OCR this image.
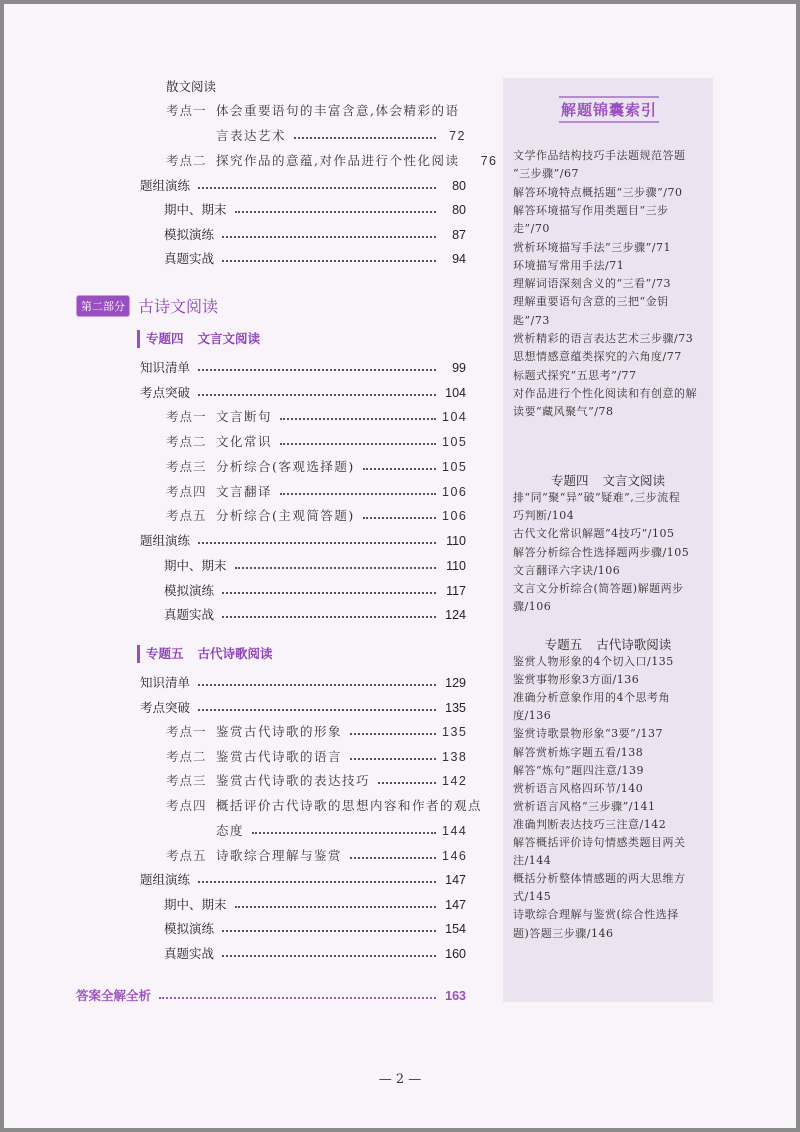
散文阅读
考点一 体会重要语句的丰富含意,体会精彩的语
言表达艺术	72
考点二 探究作品的意蕴,对作品进行个性化阅读	76
题组演练	80
期中、期末	80
模拟演练	87
真题实战	94
知识清单	99
考点突破	104
考点一 文言断句	104
考点二 文化常识	105
考点三 分析综合(客观选择题)	105
考点四 文言翻译	106
考点五 分析综合(主观简答题)	106
题组演练	110
期中、期末	110
模拟演练	117
真题实战	124
知识清单	129
考点突破	135
考点一 鉴赏古代诗歌的形象	135
考点二 鉴赏古代诗歌的语言	138
考点三 鉴赏古代诗歌的表达技巧	142
考点四 概括评价古代诗歌的思想内容和作者的观点
态度	144
考点五 诗歌综合理解与鉴赏	146
题组演练	147
期中、期末	147
模拟演练	154
真题实战	160
第二部分 古诗文阅读
专题四 文言文阅读
专题五 古代诗歌阅读
答案全解全析	163
解题锦囊索引
专题四 文言文阅读
专题五 古代诗歌阅读
文学作品结构技巧手法题规范答题
“三步骤”/67
解答环境特点概括题“三步骤”/70
解答环境描写作用类题目“三步
走”/70
赏析环境描写手法“三步骤”/71
环境描写常用手法/71
理解词语深刻含义的“三看”/73
理解重要语句含意的三把“金钥
匙”/73
赏析精彩的语言表达艺术三步骤/73
思想情感意蕴类探究的六角度/77
标题式探究“五思考”/77
对作品进行个性化阅读和有创意的解
读要“藏风聚气”/78
排“同”聚“异”破“疑难”,三步流程
巧判断/104
古代文化常识解题“4技巧”/105
解答分析综合性选择题两步骤/105
文言翻译六字诀/106
文言文分析综合(简答题)解题两步
骤/106
鉴赏人物形象的4个切入口/135
鉴赏事物形象3方面/136
准确分析意象作用的4个思考角
度/136
鉴赏诗歌景物形象“3要”/137
解答赏析炼字题五看/138
解答“炼句”题四注意/139
赏析语言风格四环节/140
赏析语言风格“三步骤”/141
准确判断表达技巧三注意/142
解答概括评价诗句情感类题目两关
注/144
概括分析整体情感题的两大思维方
式/145
诗歌综合理解与鉴赏(综合性选择
题)答题三步骤/146
— 2 —
